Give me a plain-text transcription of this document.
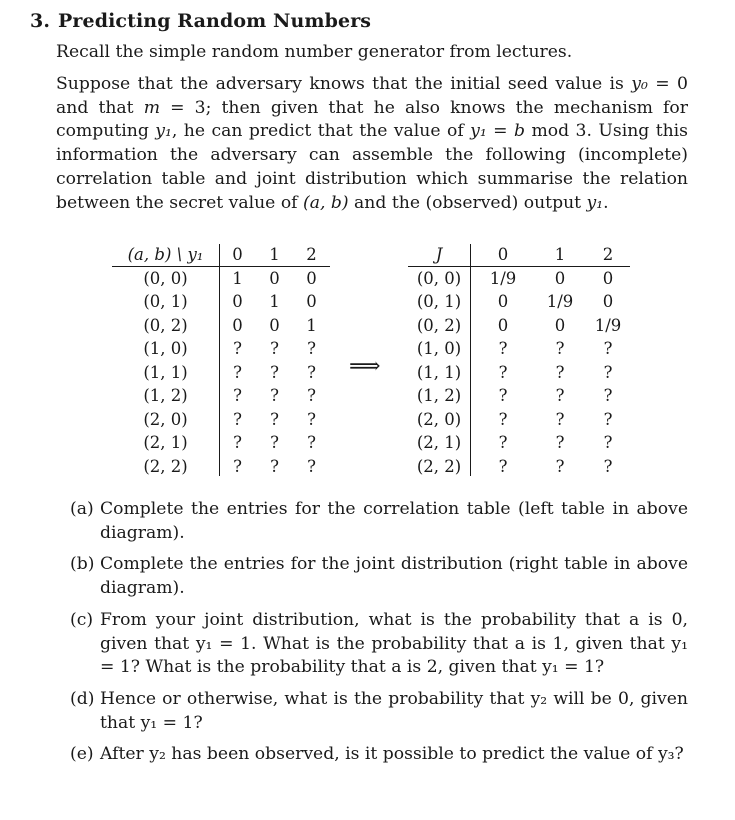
3. Predicting Random Numbers
Recall the simple random number generator from lectures.
Suppose that the adversary knows that the initial seed value is y₀ = 0 and that m = 3; then given that he also knows the mechanism for computing y₁, he can predict that the value of y₁ = b mod 3. Using this information the adversary can assemble the following (incomplete) correlation table and joint distribution which summarise the relation between the secret value of (a, b) and the (observed) output y₁.
(a, b) \ y₁	0	1	2
(0, 0)	1	0	0
(0, 1)	0	1	0
(0, 2)	0	0	1
(1, 0)	?	?	?
(1, 1)	?	?	?
(1, 2)	?	?	?
(2, 0)	?	?	?
(2, 1)	?	?	?
(2, 2)	?	?	?
⟹
J	0	1	2
(0, 0)	1/9	0	0
(0, 1)	0	1/9	0
(0, 2)	0	0	1/9
(1, 0)	?	?	?
(1, 1)	?	?	?
(1, 2)	?	?	?
(2, 0)	?	?	?
(2, 1)	?	?	?
(2, 2)	?	?	?
(a) Complete the entries for the correlation table (left table in above diagram).
(b) Complete the entries for the joint distribution (right table in above diagram).
(c) From your joint distribution, what is the probability that a is 0, given that y₁ = 1. What is the probability that a is 1, given that y₁ = 1? What is the probability that a is 2, given that y₁ = 1?
(d) Hence or otherwise, what is the probability that y₂ will be 0, given that y₁ = 1?
(e) After y₂ has been observed, is it possible to predict the value of y₃?
